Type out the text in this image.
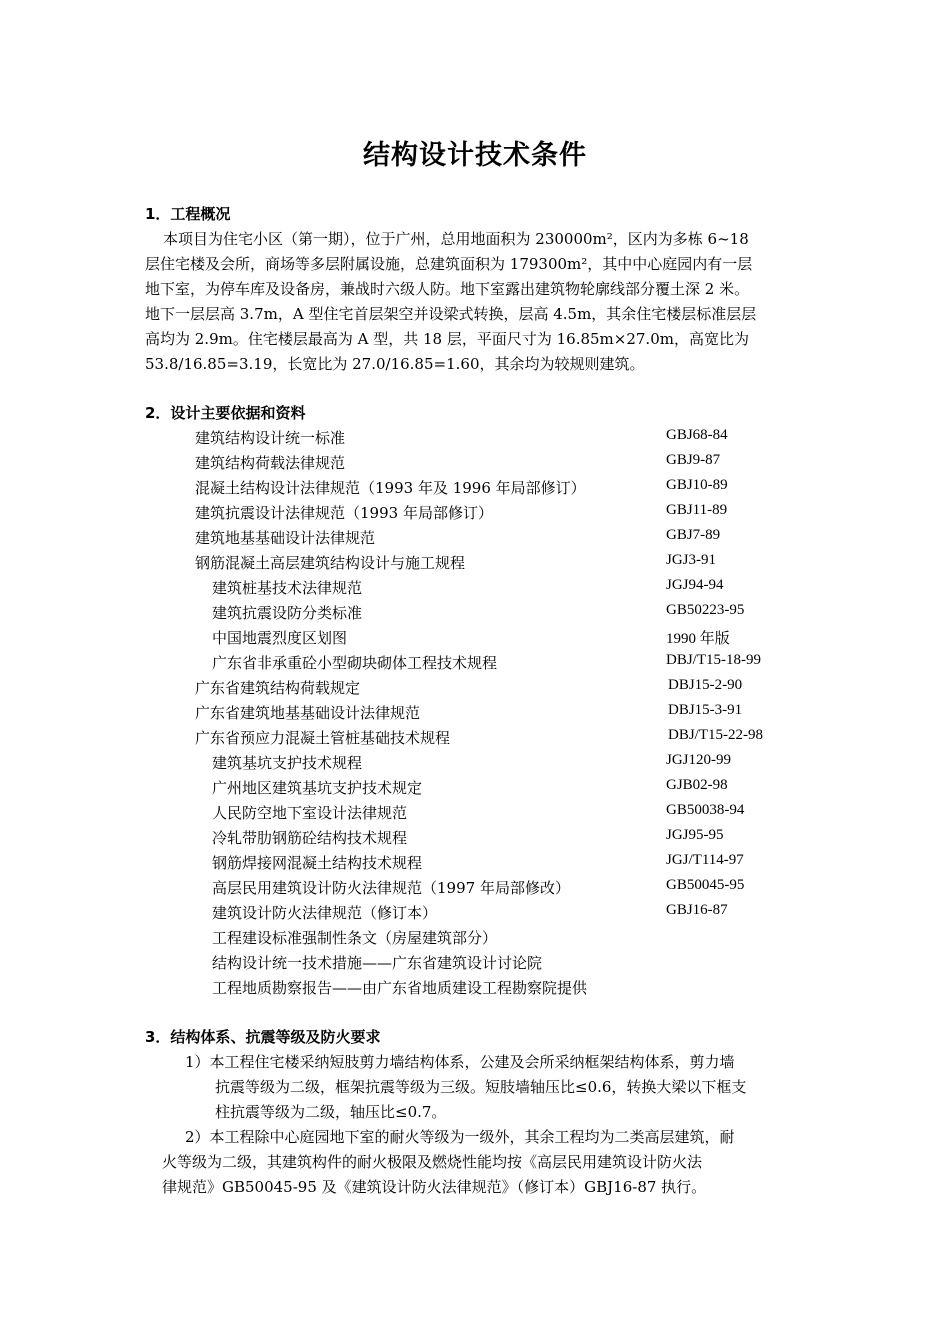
结构设计技术条件
1．工程概况
本项目为住宅小区（第一期），位于广州，总用地面积为 230000m²，区内为多栋 6~18
层住宅楼及会所，商场等多层附属设施，总建筑面积为 179300m²，其中中心庭园内有一层
地下室，为停车库及设备房，兼战时六级人防。地下室露出建筑物轮廓线部分覆土深 2 米。
地下一层层高 3.7m，A 型住宅首层架空并设梁式转换，层高 4.5m，其余住宅楼层标准层层
高均为 2.9m。住宅楼层最高为 A 型，共 18 层，平面尺寸为 16.85m×27.0m，高宽比为
53.8/16.85=3.19，长宽比为 27.0/16.85=1.60，其余均为较规则建筑。
2．设计主要依据和资料
建筑结构设计统一标准	GBJ68-84
建筑结构荷载法律规范	GBJ9-87
混凝土结构设计法律规范（1993 年及 1996 年局部修订）	GBJ10-89
建筑抗震设计法律规范（1993 年局部修订）	GBJ11-89
建筑地基基础设计法律规范	GBJ7-89
钢筋混凝土高层建筑结构设计与施工规程	JGJ3-91
建筑桩基技术法律规范	JGJ94-94
建筑抗震设防分类标准	GB50223-95
中国地震烈度区划图	1990 年版
广东省非承重砼小型砌块砌体工程技术规程	DBJ/T15-18-99
广东省建筑结构荷载规定	DBJ15-2-90
广东省建筑地基基础设计法律规范	DBJ15-3-91
广东省预应力混凝土管桩基础技术规程	DBJ/T15-22-98
建筑基坑支护技术规程	JGJ120-99
广州地区建筑基坑支护技术规定	GJB02-98
人民防空地下室设计法律规范	GB50038-94
冷轧带肋钢筋砼结构技术规程	JGJ95-95
钢筋焊接网混凝土结构技术规程	JGJ/T114-97
高层民用建筑设计防火法律规范（1997 年局部修改）	GB50045-95
建筑设计防火法律规范（修订本）	GBJ16-87
工程建设标准强制性条文（房屋建筑部分）
结构设计统一技术措施——广东省建筑设计讨论院
工程地质勘察报告——由广东省地质建设工程勘察院提供
3．结构体系、抗震等级及防火要求
1）本工程住宅楼采纳短肢剪力墙结构体系，公建及会所采纳框架结构体系，剪力墙
抗震等级为二级，框架抗震等级为三级。短肢墙轴压比≤0.6，转换大梁以下框支
柱抗震等级为二级，轴压比≤0.7。
2）本工程除中心庭园地下室的耐火等级为一级外，其余工程均为二类高层建筑，耐
火等级为二级，其建筑构件的耐火极限及燃烧性能均按《高层民用建筑设计防火法
律规范》GB50045-95 及《建筑设计防火法律规范》（修订本）GBJ16-87 执行。
